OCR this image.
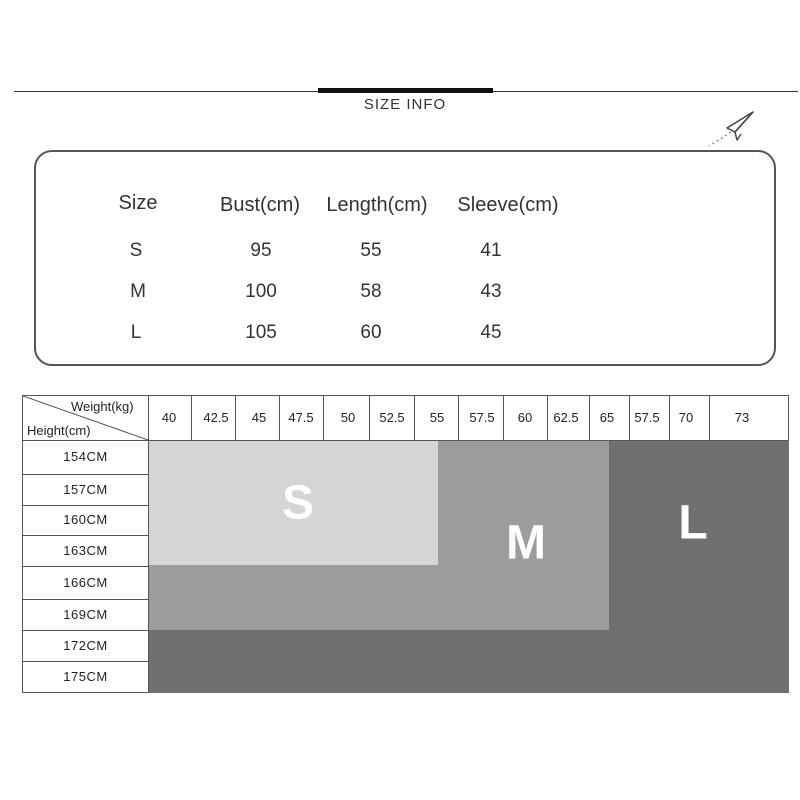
SIZE INFO
Size	Bust(cm) Length(cm) Sleeve(cm)
S	95	55	41
M	100	58	43
L	105	60	45
S
M	L
Weight(kg)
Height(cm)
40 42.5 45 47.5 50 52.5 55 57.5 60 62.5 65 57.5 70	73
154CM
157CM
160CM
163CM
166CM
169CM
172CM
175CM
